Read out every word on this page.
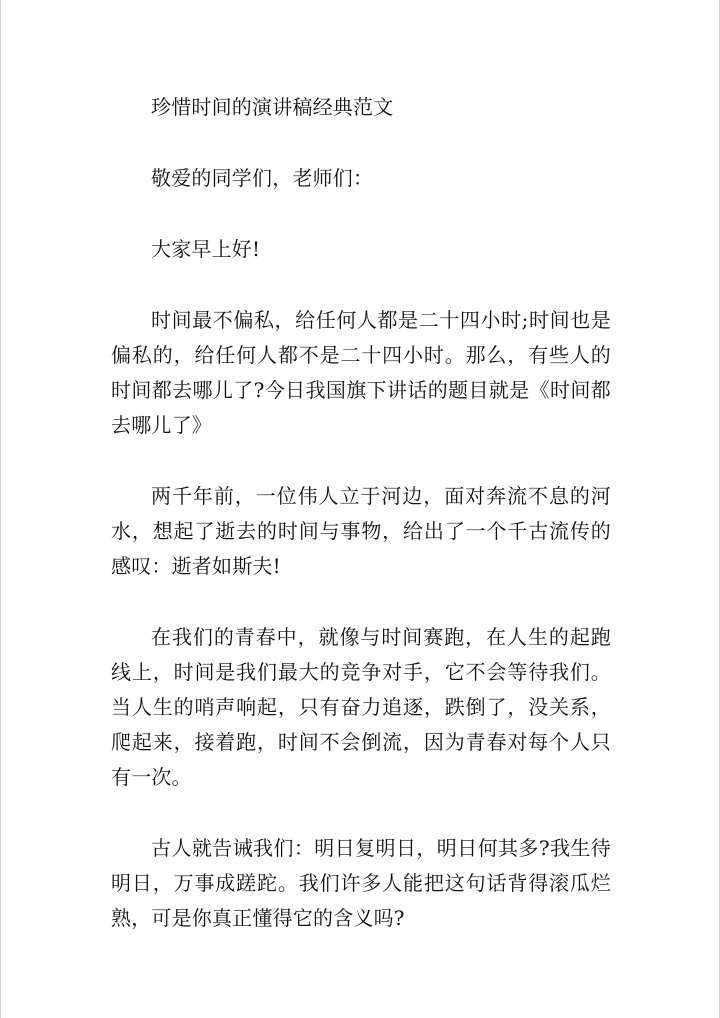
珍惜时间的演讲稿经典范文

敬爱的同学们，老师们：

大家早上好!

时间最不偏私，给任何人都是二十四小时;时间也是偏私的，给任何人都不是二十四小时。那么，有些人的时间都去哪儿了?今日我国旗下讲话的题目就是《时间都去哪儿了》

两千年前，一位伟人立于河边，面对奔流不息的河水，想起了逝去的时间与事物，给出了一个千古流传的感叹：逝者如斯夫!

在我们的青春中，就像与时间赛跑，在人生的起跑线上，时间是我们最大的竞争对手，它不会等待我们。当人生的哨声响起，只有奋力追逐，跌倒了，没关系，爬起来，接着跑，时间不会倒流，因为青春对每个人只有一次。

古人就告诫我们：明日复明日，明日何其多?我生待明日，万事成蹉跎。我们许多人能把这句话背得滚瓜烂熟，可是你真正懂得它的含义吗?
